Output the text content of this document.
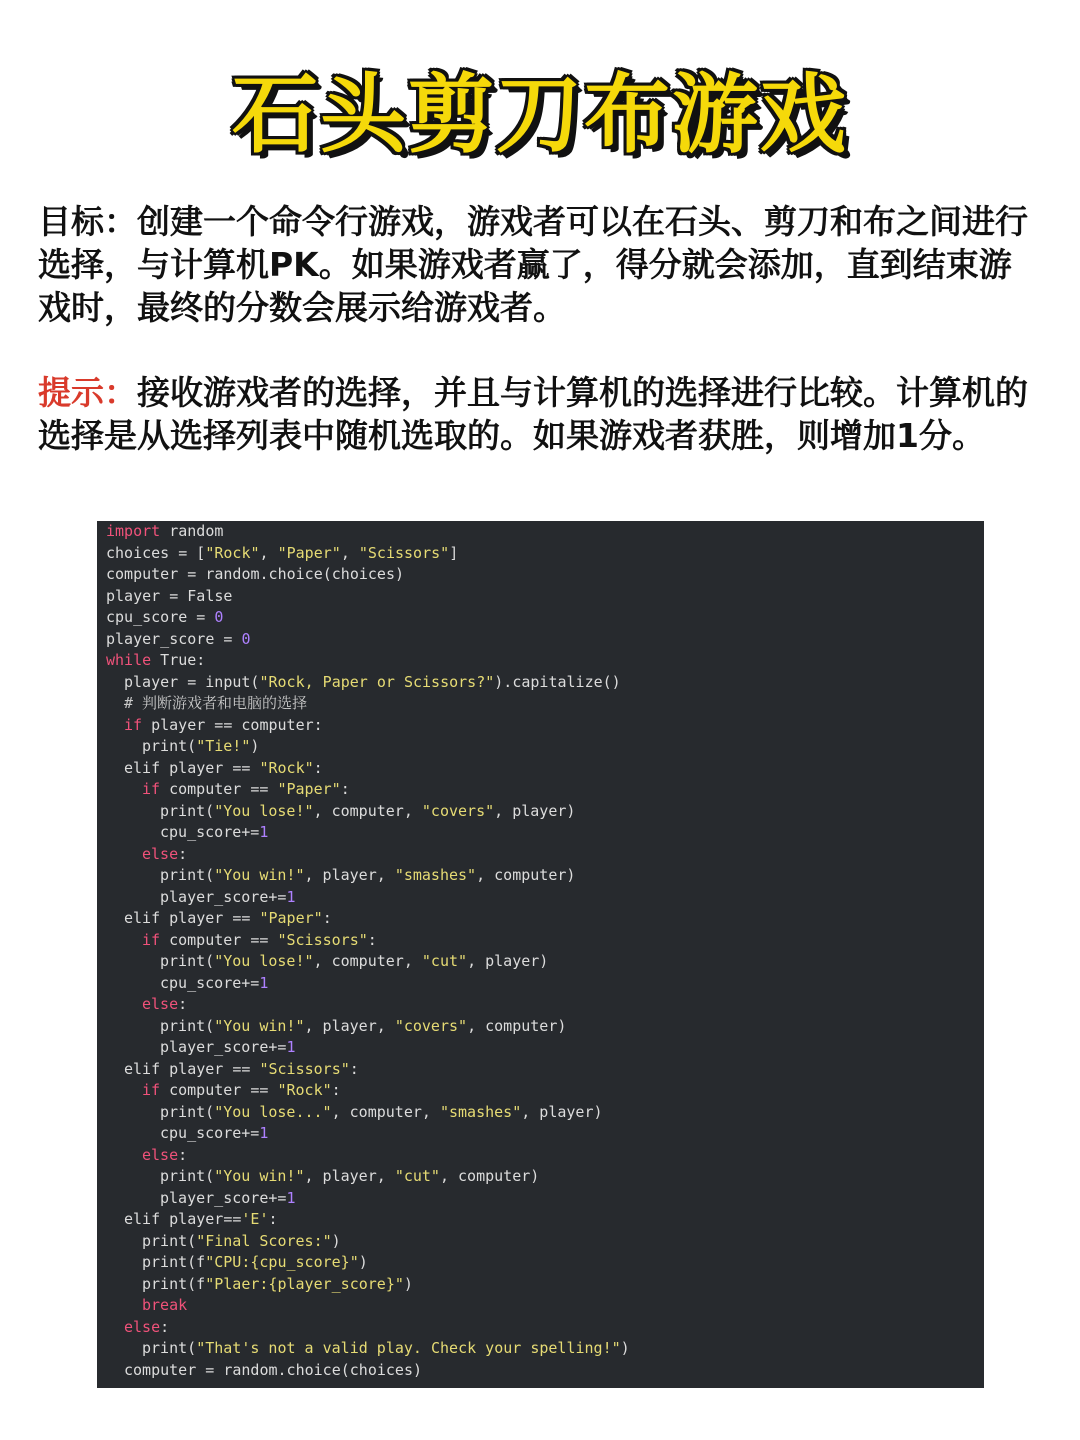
石头剪刀布游戏
目标：创建一个命令行游戏，游戏者可以在石头、剪刀和布之间进行选择，与计算机PK。如果游戏者赢了，得分就会添加，直到结束游戏时，最终的分数会展示给游戏者。
提示：接收游戏者的选择，并且与计算机的选择进行比较。计算机的选择是从选择列表中随机选取的。如果游戏者获胜，则增加1分。
import random
choices = ["Rock", "Paper", "Scissors"]
computer = random.choice(choices)
player = False
cpu_score = 0
player_score = 0
while True:
player = input("Rock, Paper or Scissors?").capitalize()
# 判断游戏者和电脑的选择
if player == computer:
print("Tie!")
elif player == "Rock":
if computer == "Paper":
print("You lose!", computer, "covers", player)
cpu_score+=1
else:
print("You win!", player, "smashes", computer)
player_score+=1
elif player == "Paper":
if computer == "Scissors":
print("You lose!", computer, "cut", player)
cpu_score+=1
else:
print("You win!", player, "covers", computer)
player_score+=1
elif player == "Scissors":
if computer == "Rock":
print("You lose...", computer, "smashes", player)
cpu_score+=1
else:
print("You win!", player, "cut", computer)
player_score+=1
elif player=='E':
print("Final Scores:")
print(f"CPU:{cpu_score}")
print(f"Plaer:{player_score}")
break
else:
print("That's not a valid play. Check your spelling!")
computer = random.choice(choices)
